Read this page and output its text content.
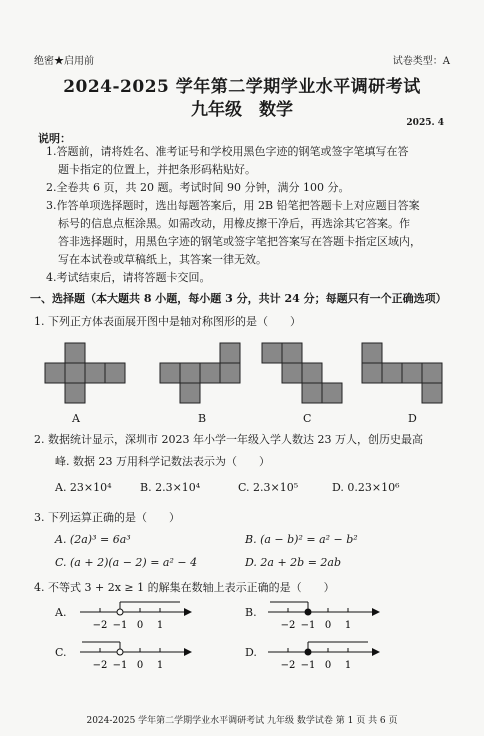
绝密★启用前	试卷类型：A
2024-2025 学年第二学期学业水平调研考试
九年级　数学
2025. 4
说明：
1.答题前，请将姓名、准考证号和学校用黑色字迹的钢笔或签字笔填写在答
题卡指定的位置上，并把条形码粘贴好。
2.全卷共 6 页，共 20 题。考试时间 90 分钟，满分 100 分。
3.作答单项选择题时，选出每题答案后，用 2B 铅笔把答题卡上对应题目答案
标号的信息点框涂黑。如需改动，用橡皮擦干净后，再选涂其它答案。作
答非选择题时，用黑色字迹的钢笔或签字笔把答案写在答题卡指定区域内，
写在本试卷或草稿纸上，其答案一律无效。
4.考试结束后，请将答题卡交回。
一、选择题（本大题共 8 小题，每小题 3 分，共计 24 分；每题只有一个正确选项）
1. 下列正方体表面展开图中是轴对称图形的是（　　）
A	B	C	D
2. 数据统计显示，深圳市 2023 年小学一年级入学人数达 23 万人，创历史最高
峰. 数据 23 万用科学记数法表示为（　　）
A. 23×10⁴	B. 2.3×10⁴	C. 2.3×10⁵	D. 0.23×10⁶
3. 下列运算正确的是（　　）
A. (2a)³ = 6a³	B. (a − b)² = a² − b²
C. (a + 2)(a − 2) = a² − 4	D. 2a + 2b = 2ab
4. 不等式 3 + 2x ≥ 1 的解集在数轴上表示正确的是（　　）
A.	B.
C.	D.
−2 −1 0 1	−2 −1 0 1
−2 −1 0 1	−2 −1 0 1
2024-2025 学年第二学期学业水平调研考试 九年级 数学试卷 第 1 页 共 6 页
